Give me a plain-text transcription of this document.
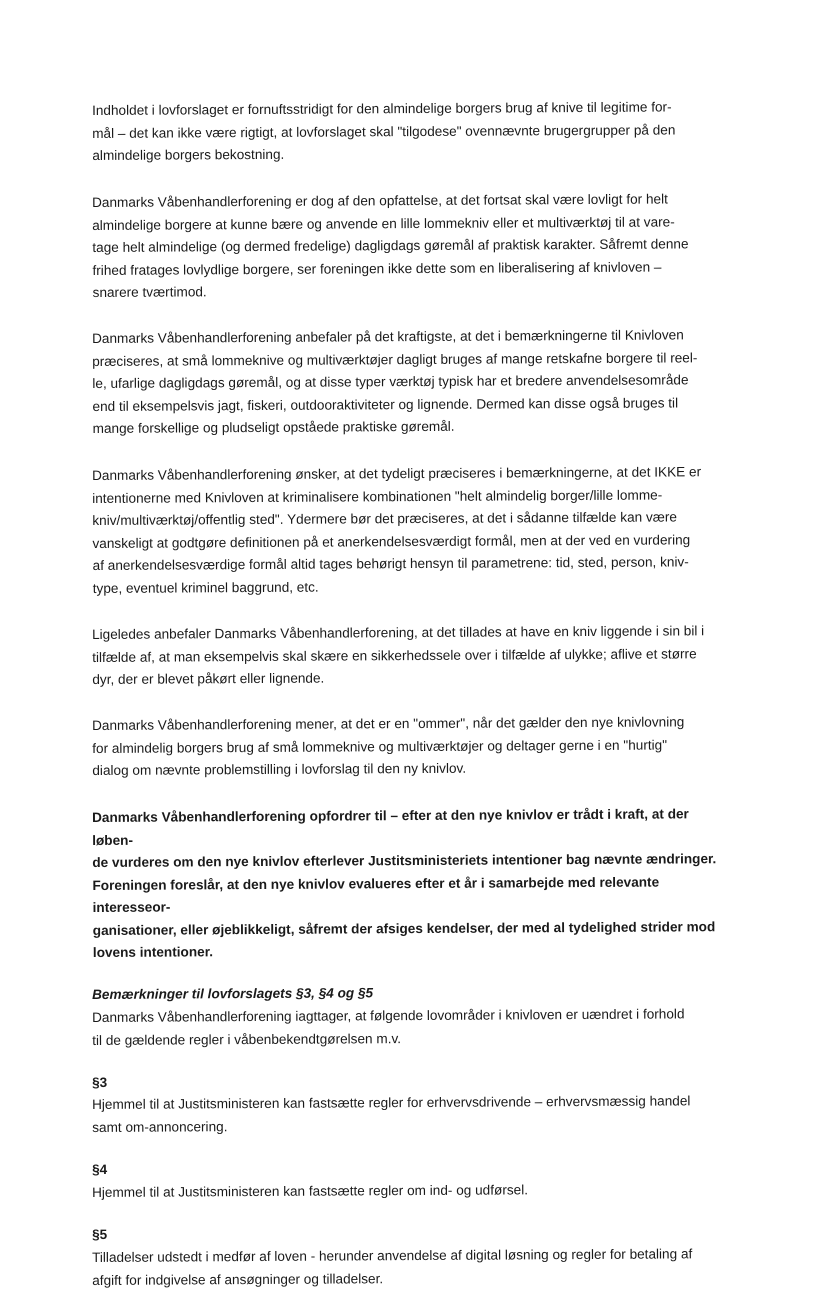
Indholdet i lovforslaget er fornuftsstridigt for den almindelige borgers brug af knive til legitime for-
mål – det kan ikke være rigtigt, at lovforslaget skal "tilgodese" ovennævnte brugergrupper på den
almindelige borgers bekostning.

Danmarks Våbenhandlerforening er dog af den opfattelse, at det fortsat skal være lovligt for helt
almindelige borgere at kunne bære og anvende en lille lommekniv eller et multiværktøj til at vare-
tage helt almindelige (og dermed fredelige) dagligdags gøremål af praktisk karakter. Såfremt denne
frihed fratages lovlydlige borgere, ser foreningen ikke dette som en liberalisering af knivloven –
snarere tværtimod.

Danmarks Våbenhandlerforening anbefaler på det kraftigste, at det i bemærkningerne til Knivloven
præciseres, at små lommeknive og multiværktøjer dagligt bruges af mange retskafne borgere til reel-
le, ufarlige dagligdags gøremål, og at disse typer værktøj typisk har et bredere anvendelsesområde
end til eksempelsvis jagt, fiskeri, outdooraktiviteter og lignende. Dermed kan disse også bruges til
mange forskellige og pludseligt opståede praktiske gøremål.

Danmarks Våbenhandlerforening ønsker, at det tydeligt præciseres i bemærkningerne, at det IKKE er
intentionerne med Knivloven at kriminalisere kombinationen "helt almindelig borger/lille lomme-
kniv/multiværktøj/offentlig sted". Ydermere bør det præciseres, at det i sådanne tilfælde kan være
vanskeligt at godtgøre definitionen på et anerkendelsesværdigt formål, men at der ved en vurdering
af anerkendelsesværdige formål altid tages behørigt hensyn til parametrene: tid, sted, person, kniv-
type, eventuel kriminel baggrund, etc.

Ligeledes anbefaler Danmarks Våbenhandlerforening, at det tillades at have en kniv liggende i sin bil i
tilfælde af, at man eksempelvis skal skære en sikkerhedssele over i tilfælde af ulykke; aflive et større
dyr, der er blevet påkørt eller lignende.

Danmarks Våbenhandlerforening mener, at det er en "ommer", når det gælder den nye knivlovning
for almindelig borgers brug af små lommeknive og multiværktøjer og deltager gerne i en "hurtig"
dialog om nævnte problemstilling i lovforslag til den ny knivlov.

Danmarks Våbenhandlerforening opfordrer til – efter at den nye knivlov er trådt i kraft, at der løben-
de vurderes om den nye knivlov efterlever Justitsministeriets intentioner bag nævnte ændringer.
Foreningen foreslår, at den nye knivlov evalueres efter et år i samarbejde med relevante interesseor-
ganisationer, eller øjeblikkeligt, såfremt der afsiges kendelser, der med al tydelighed strider mod
lovens intentioner.

Bemærkninger til lovforslagets §3, §4 og §5

Danmarks Våbenhandlerforening iagttager, at følgende lovområder i knivloven er uændret i forhold
til de gældende regler i våbenbekendtgørelsen m.v.

§3

Hjemmel til at Justitsministeren kan fastsætte regler for erhvervsdrivende – erhvervsmæssig handel
samt om-annoncering.

§4

Hjemmel til at Justitsministeren kan fastsætte regler om ind- og udførsel.

§5

Tilladelser udstedt i medfør af loven - herunder anvendelse af digital løsning og regler for betaling af
afgift for indgivelse af ansøgninger og tilladelser.
